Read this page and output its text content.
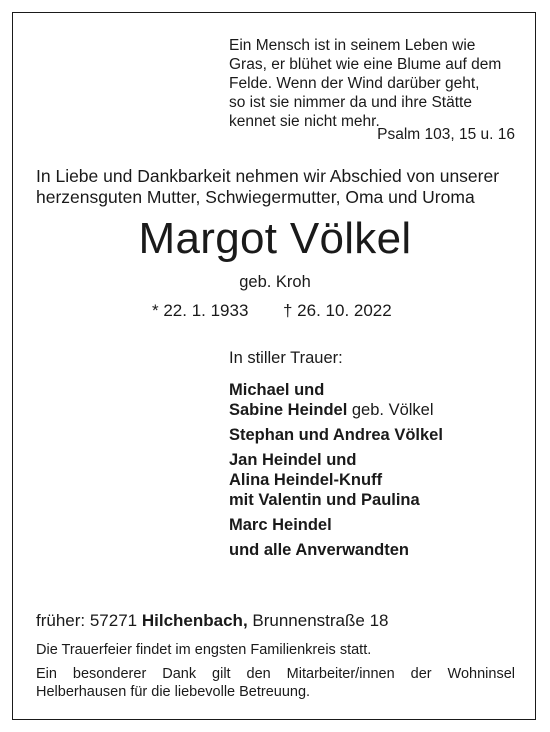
Ein Mensch ist in seinem Leben wie
Gras, er blühet wie eine Blume auf dem
Felde. Wenn der Wind darüber geht,
so ist sie nimmer da und ihre Stätte
kennet sie nicht mehr.
Psalm 103, 15 u. 16
In Liebe und Dankbarkeit nehmen wir Abschied von unserer
herzensguten Mutter, Schwiegermutter, Oma und Uroma
Margot Völkel
geb. Kroh
* 22. 1. 1933 † 26. 10. 2022
In stiller Trauer:
Michael und
Sabine Heindel geb. Völkel
Stephan und Andrea Völkel
Jan Heindel und
Alina Heindel-Knuff
mit Valentin und Paulina
Marc Heindel
und alle Anverwandten
früher: 57271 Hilchenbach, Brunnenstraße 18
Die Trauerfeier findet im engsten Familienkreis statt.
Ein besonderer Dank gilt den Mitarbeiter/innen der Wohninsel
Helberhausen für die liebevolle Betreuung.
